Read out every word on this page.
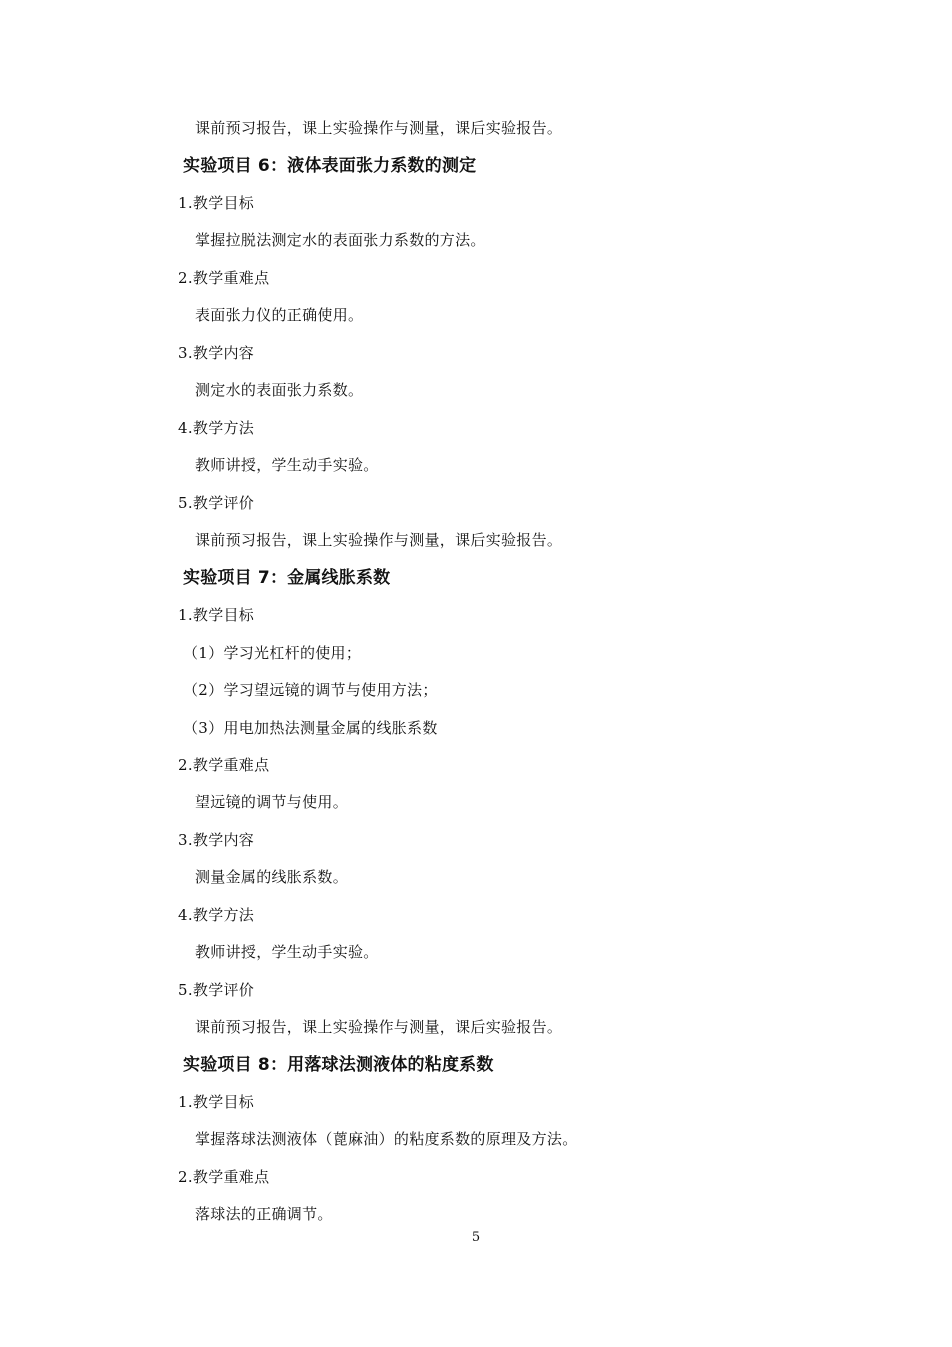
课前预习报告，课上实验操作与测量，课后实验报告。
实验项目 6：液体表面张力系数的测定
1.教学目标
掌握拉脱法测定水的表面张力系数的方法。
2.教学重难点
表面张力仪的正确使用。
3.教学内容
测定水的表面张力系数。
4.教学方法
教师讲授，学生动手实验。
5.教学评价
课前预习报告，课上实验操作与测量，课后实验报告。
实验项目 7：金属线胀系数
1.教学目标
（1）学习光杠杆的使用；
（2）学习望远镜的调节与使用方法；
（3）用电加热法测量金属的线胀系数
2.教学重难点
望远镜的调节与使用。
3.教学内容
测量金属的线胀系数。
4.教学方法
教师讲授，学生动手实验。
5.教学评价
课前预习报告，课上实验操作与测量，课后实验报告。
实验项目 8：用落球法测液体的粘度系数
1.教学目标
掌握落球法测液体（蓖麻油）的粘度系数的原理及方法。
2.教学重难点
落球法的正确调节。
5
